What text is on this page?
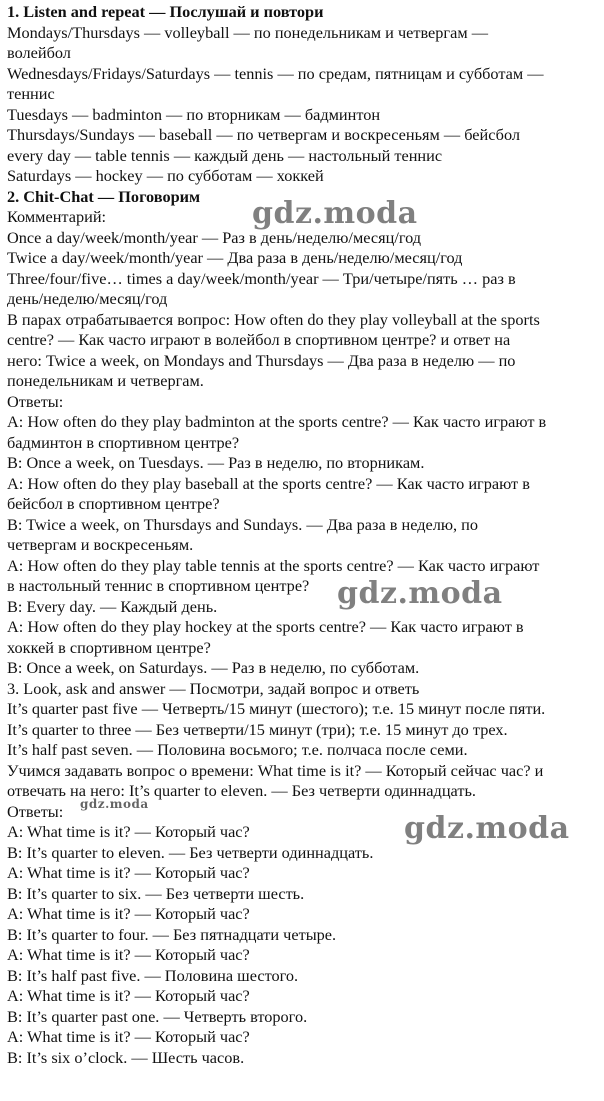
1. Listen and repeat — Послушай и повтори
Mondays/Thursdays — volleyball — по понедельникам и четвергам —
волейбол
Wednesdays/Fridays/Saturdays — tennis — по средам, пятницам и субботам —
теннис
Tuesdays — badminton — по вторникам — бадминтон
Thursdays/Sundays — baseball — по четвергам и воскресеньям — бейсбол
every day — table tennis — каждый день — настольный теннис
Saturdays — hockey — по субботам — хоккей
2. Chit-Chat — Поговорим
Комментарий:
Once a day/week/month/year — Раз в день/неделю/месяц/год
Twice a day/week/month/year — Два раза в день/неделю/месяц/год
Three/four/five… times a day/week/month/year — Три/четыре/пять … раз в
день/неделю/месяц/год
В парах отрабатывается вопрос: How often do they play volleyball at the sports
centre? — Как часто играют в волейбол в спортивном центре? и ответ на
него: Twice a week, on Mondays and Thursdays — Два раза в неделю — по
понедельникам и четвергам.
Ответы:
A: How often do they play badminton at the sports centre? — Как часто играют в
бадминтон в спортивном центре?
B: Once a week, on Tuesdays. — Раз в неделю, по вторникам.
A: How often do they play baseball at the sports centre? — Как часто играют в
бейсбол в спортивном центре?
B: Twice a week, on Thursdays and Sundays. — Два раза в неделю, по
четвергам и воскресеньям.
A: How often do they play table tennis at the sports centre? — Как часто играют
в настольный теннис в спортивном центре?
B: Every day. — Каждый день.
A: How often do they play hockey at the sports centre? — Как часто играют в
хоккей в спортивном центре?
B: Once a week, on Saturdays. — Раз в неделю, по субботам.
3. Look, ask and answer — Посмотри, задай вопрос и ответь
It’s quarter past five — Четверть/15 минут (шестого); т.е. 15 минут после пяти.
It’s quarter to three — Без четверти/15 минут (три); т.е. 15 минут до трех.
It’s half past seven. — Половина восьмого; т.е. полчаса после семи.
Учимся задавать вопрос о времени: What time is it? — Который сейчас час? и
отвечать на него: It’s quarter to eleven. — Без четверти одиннадцать.
Ответы:
A: What time is it? — Который час?
B: It’s quarter to eleven. — Без четверти одиннадцать.
A: What time is it? — Который час?
B: It’s quarter to six. — Без четверти шесть.
A: What time is it? — Который час?
B: It’s quarter to four. — Без пятнадцати четыре.
A: What time is it? — Который час?
B: It’s half past five. — Половина шестого.
A: What time is it? — Который час?
B: It’s quarter past one. — Четверть второго.
A: What time is it? — Который час?
B: It’s six o’clock. — Шесть часов.
gdz.moda
gdz.moda
gdz.moda
gdz.moda
